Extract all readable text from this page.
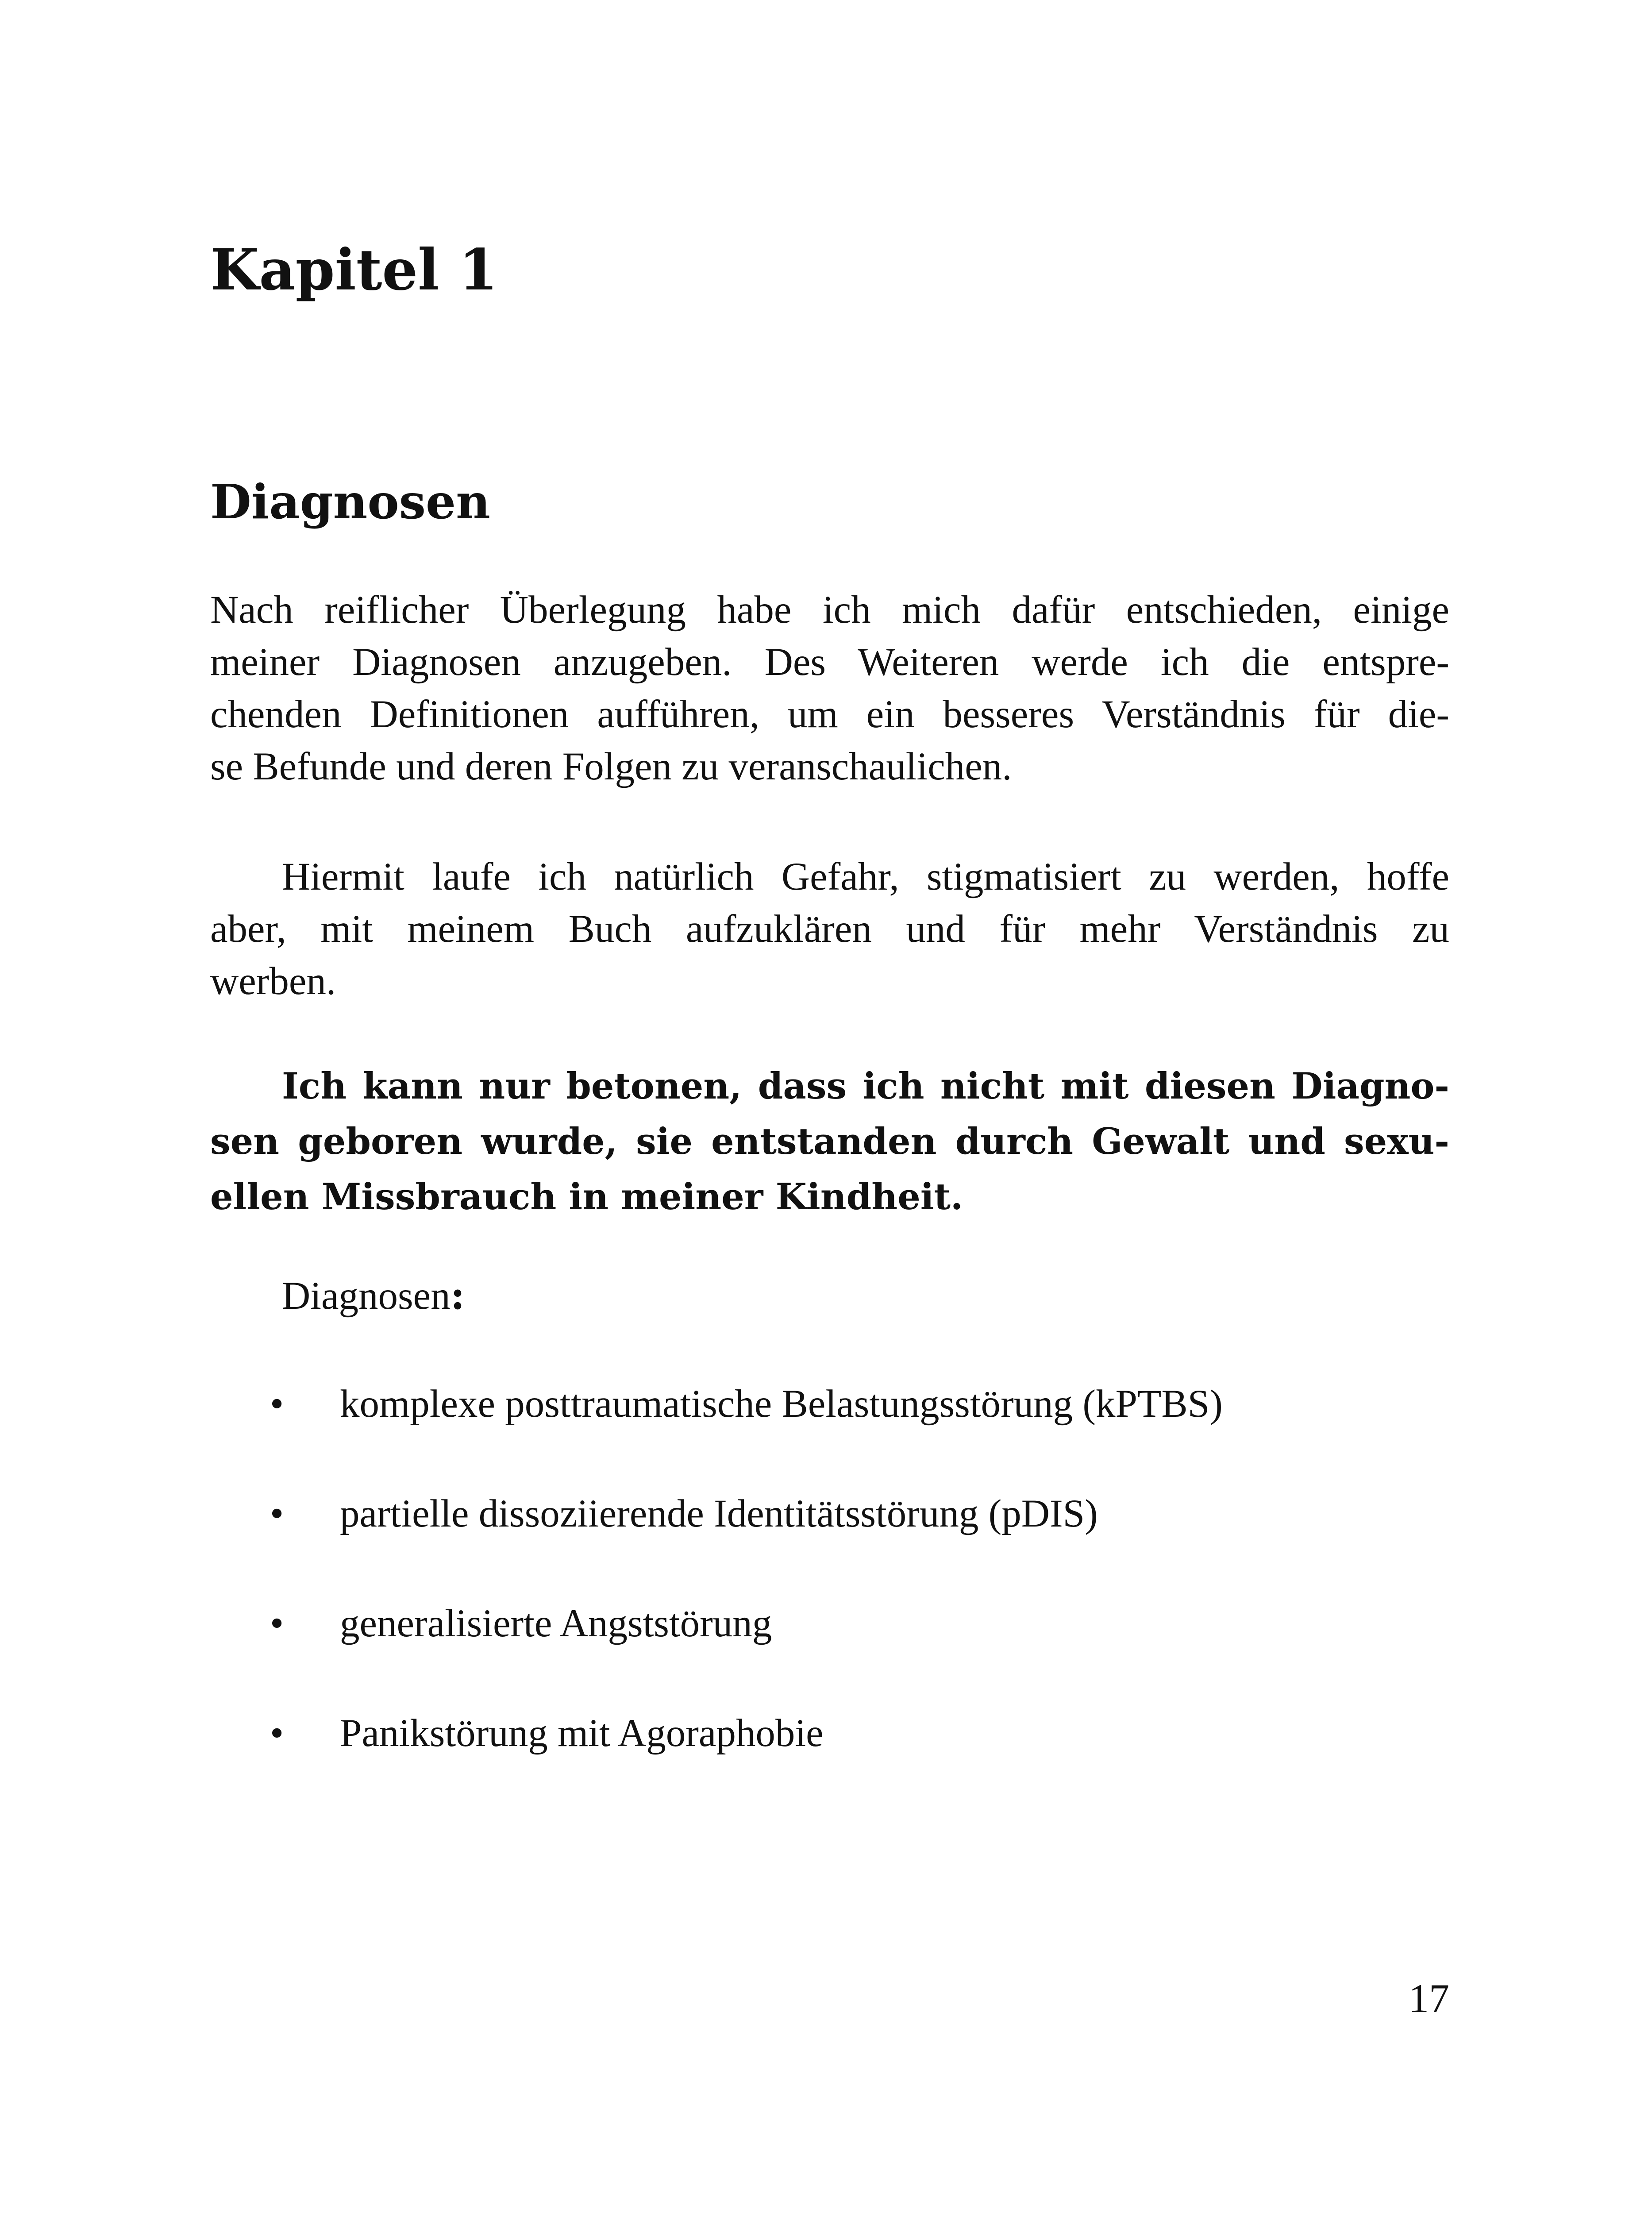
Kapitel 1
Diagnosen

Nach reiflicher Überlegung habe ich mich dafür entschieden, einige

meiner Diagnosen anzugeben. Des Weiteren werde ich die entspre-

chenden Definitionen aufführen, um ein besseres Verständnis für die-

se Befunde und deren Folgen zu veranschaulichen.

Hiermit laufe ich natürlich Gefahr, stigmatisiert zu werden, hoffe

aber, mit meinem Buch aufzuklären und für mehr Verständnis zu

werben.

Ich kann nur betonen, dass ich nicht mit diesen Diagno-

sen geboren wurde, sie entstanden durch Gewalt und sexu-

ellen Missbrauch in meiner Kindheit.

Diagnosen:
• komplexe posttraumatische Belastungsstörung (kPTBS)
• partielle dissoziierende Identitätsstörung (pDIS)
• generalisierte Angststörung
• Panikstörung mit Agoraphobie
17
